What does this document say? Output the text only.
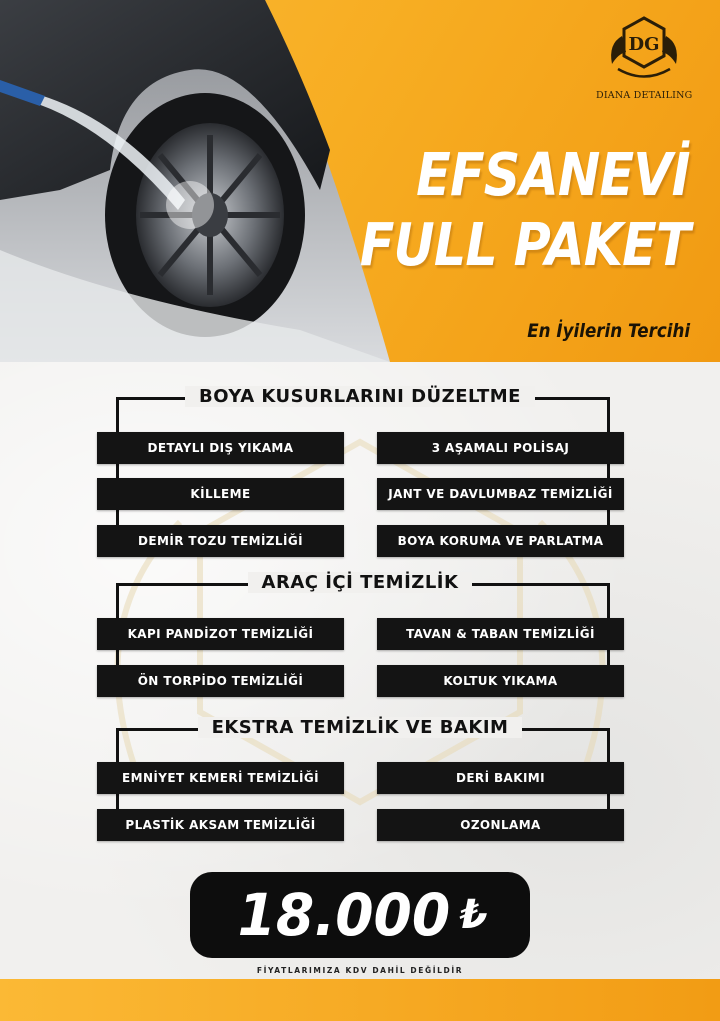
DG
DIANA DETAILING
EFSANEVİ
FULL PAKET
En İyilerin Tercihi
BOYA KUSURLARINI DÜZELTME
DETAYLI DIŞ YIKAMA
KİLLEME
DEMİR TOZU TEMİZLİĞİ
3 AŞAMALI POLİSAJ
JANT VE DAVLUMBAZ TEMİZLİĞİ
BOYA KORUMA VE PARLATMA
ARAÇ İÇİ TEMİZLİK
KAPI PANDİZOT TEMİZLİĞİ
ÖN TORPİDO TEMİZLİĞİ
TAVAN & TABAN TEMİZLİĞİ
KOLTUK YIKAMA
EKSTRA TEMİZLİK VE BAKIM
EMNİYET KEMERİ TEMİZLİĞİ
PLASTİK AKSAM TEMİZLİĞİ
DERİ BAKIMI
OZONLAMA
18.000 ₺
FİYATLARIMIZA KDV DAHİL DEĞİLDİR
